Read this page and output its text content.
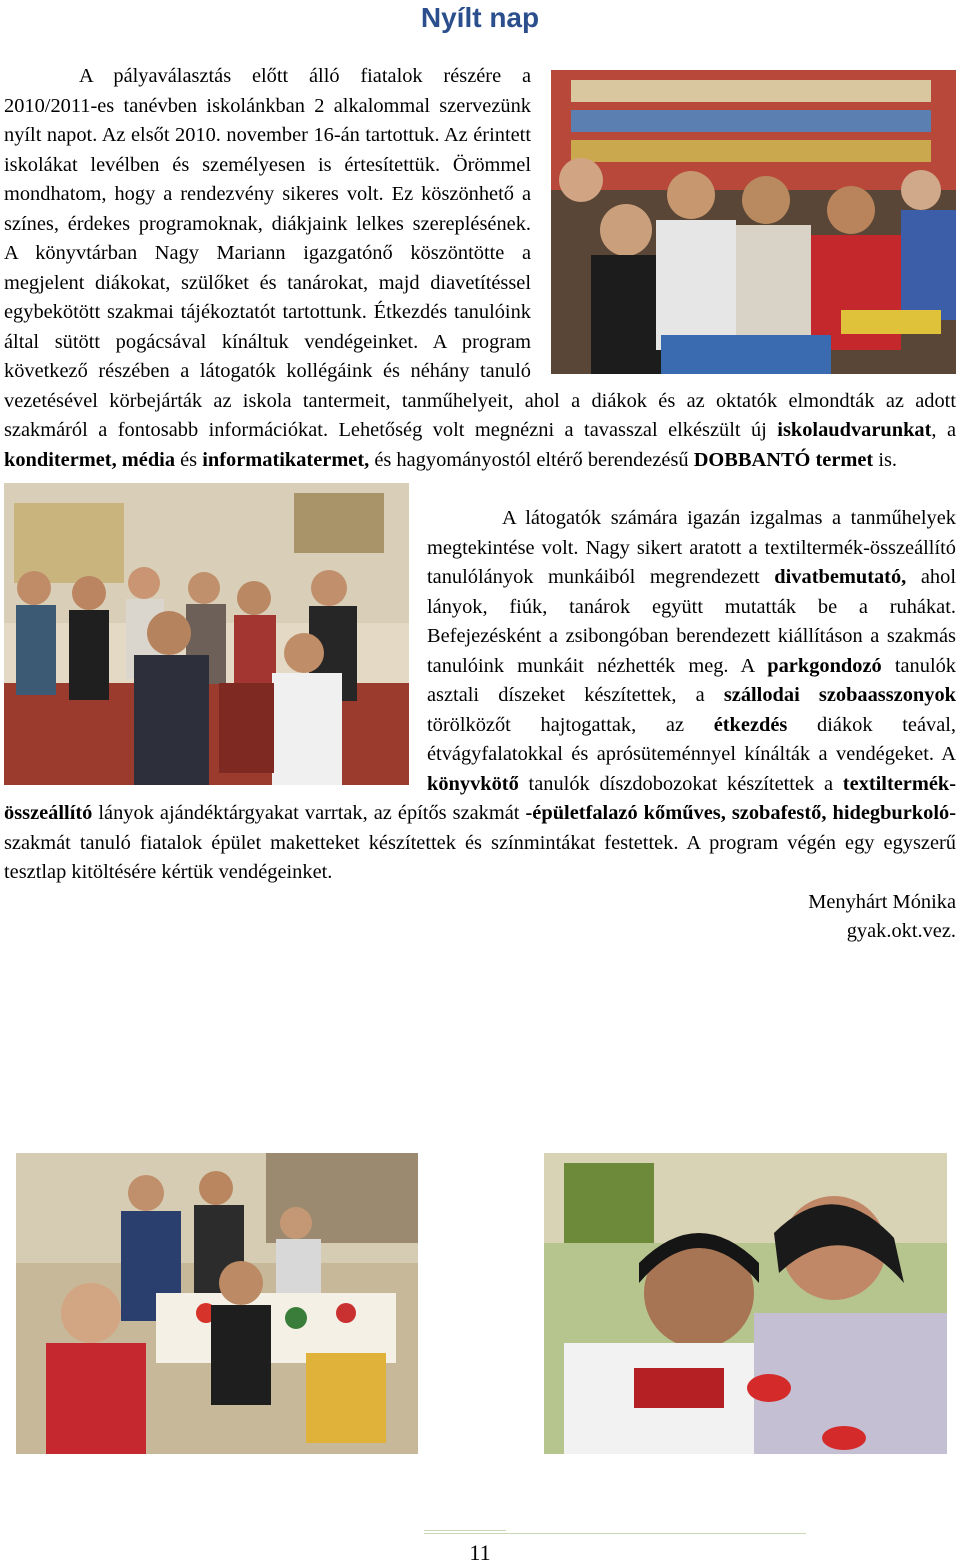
Nyílt nap

A pályaválasztás előtt álló fiatalok részére a 2010/2011-es tanévben iskolánkban 2 alkalommal szervezünk nyílt napot. Az elsőt 2010. november 16-án tartottuk. Az érintett iskolákat levélben és személyesen is értesítettük. Örömmel mondhatom, hogy a rendezvény sikeres volt. Ez köszönhető a színes, érdekes programoknak, diákjaink lelkes szereplésének. A könyvtárban Nagy Mariann igazgatónő köszöntötte a megjelent diákokat, szülőket és tanárokat, majd diavetítéssel egybekötött szakmai tájékoztatót tartottunk. Étkezdés tanulóink által sütött pogácsával kínáltuk vendégeinket. A program következő részében a látogatók kollégáink és néhány tanuló vezetésével körbejárták az iskola tantermeit, tanműhelyeit, ahol a diákok és az oktatók elmondták az adott szakmáról a fontosabb információkat. Lehetőség volt megnézni a tavasszal elkészült új iskolaudvarunkat, a konditermet, média és informatikatermet, és hagyományostól eltérő berendezésű DOBBANTÓ termet is.

A látogatók számára igazán izgalmas a tanműhelyek megtekintése volt. Nagy sikert aratott a textiltermék-összeállító tanulólányok munkáiból megrendezett divatbemutató, ahol lányok, fiúk, tanárok együtt mutatták be a ruhákat. Befejezésként a zsibongóban berendezett kiállításon a szakmás tanulóink munkáit nézhették meg. A parkgondozó tanulók asztali díszeket készítettek, a szállodai szobaasszonyok törölközőt hajtogattak, az étkezdés diákok teával, étvágyfalatokkal és aprósüteménnyel kínálták a vendégeket. A könyvkötő tanulók díszdobozokat készítettek a textiltermék-összeállító lányok ajándéktárgyakat varrtak, az építős szakmát -épületfalazó kőműves, szobafestő, hidegburkoló- szakmát tanuló fiatalok épület maketteket készítettek és színmintákat festettek. A program végén egy egyszerű tesztlap kitöltésére kértük vendégeinket.

Menyhárt Mónika

gyak.okt.vez.

11
